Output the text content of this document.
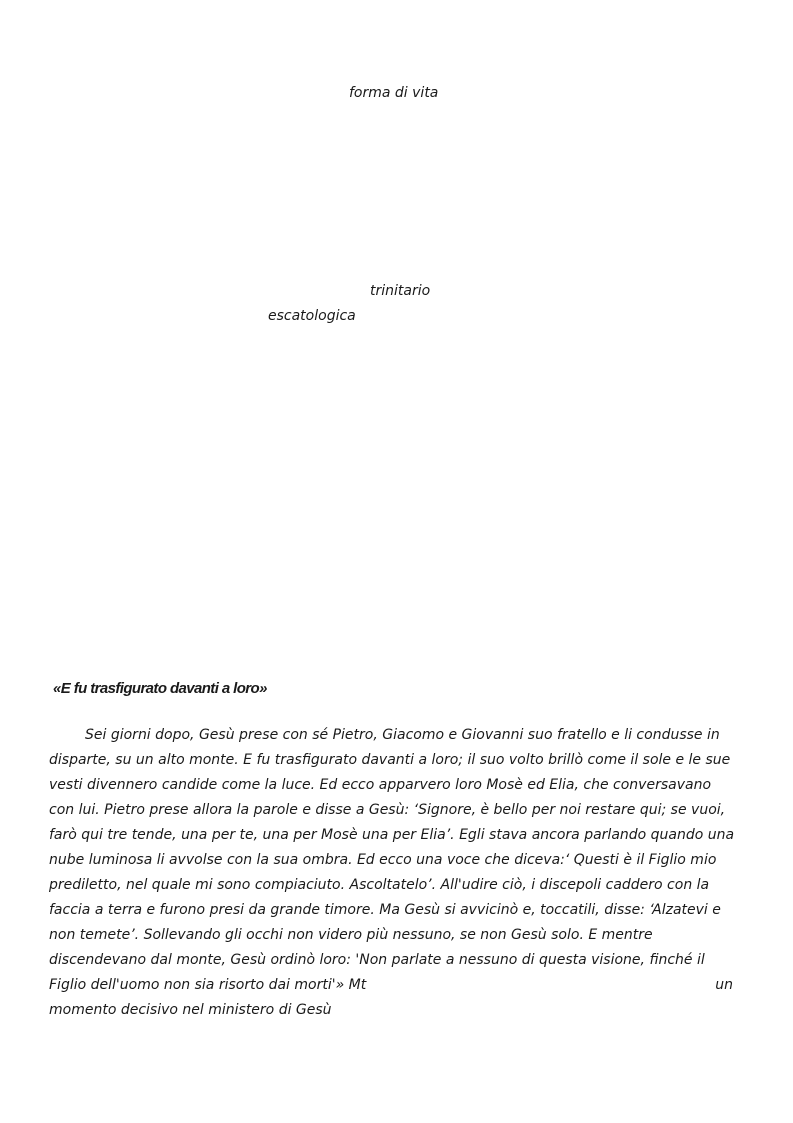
forma di vita
trinitario
escatologica
«E fu trasfigurato davanti a loro»
Sei giorni dopo, Gesù prese con sé Pietro, Giacomo e Giovanni suo fratello e li condusse in
disparte, su un alto monte. E fu trasfigurato davanti a loro; il suo volto brillò come il sole e le sue
vesti divennero candide come la luce. Ed ecco apparvero loro Mosè ed Elia, che conversavano
con lui. Pietro prese allora la parole e disse a Gesù: ‘Signore, è bello per noi restare qui; se vuoi,
farò qui tre tende, una per te, una per Mosè una per Elia’. Egli stava ancora parlando quando una
nube luminosa li avvolse con la sua ombra. Ed ecco una voce che diceva:‘ Questi è il Figlio mio
prediletto, nel quale mi sono compiaciuto. Ascoltatelo’. All'udire ciò, i discepoli caddero con la
faccia a terra e furono presi da grande timore. Ma Gesù si avvicinò e, toccatili, disse: ‘Alzatevi e
non temete’. Sollevando gli occhi non videro più nessuno, se non Gesù solo. E mentre
discendevano dal monte, Gesù ordinò loro: 'Non parlate a nessuno di questa visione, finché il
Figlio dell'uomo non sia risorto dai morti'» Mt	un
momento decisivo nel ministero di Gesù
